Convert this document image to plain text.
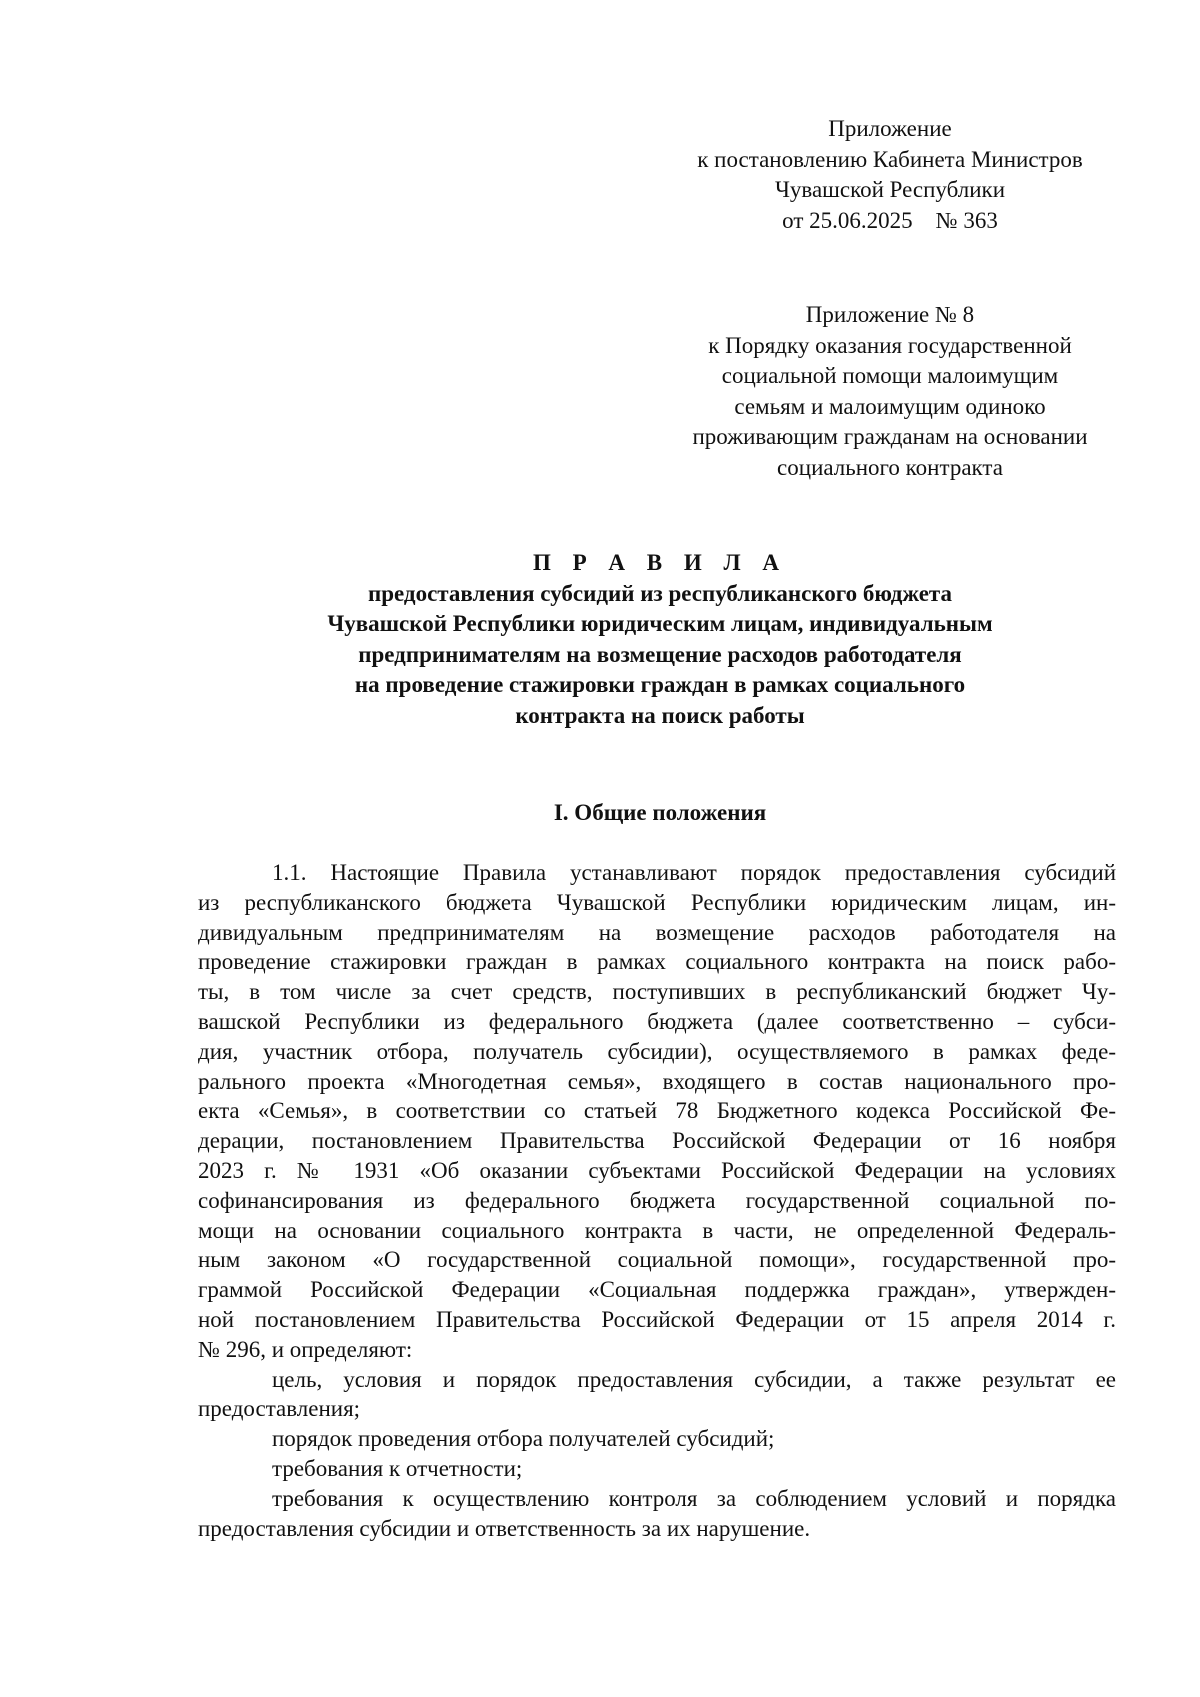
Приложение
к постановлению Кабинета Министров
Чувашской Республики
от 25.06.2025    № 363
Приложение № 8
к Порядку оказания государственной
социальной помощи малоимущим
семьям и малоимущим одиноко
проживающим гражданам на основании
социального контракта
П Р А В И Л А
предоставления субсидий из республиканского бюджета
Чувашской Республики юридическим лицам, индивидуальным
предпринимателям на возмещение расходов работодателя
на проведение стажировки граждан в рамках социального
контракта на поиск работы
I. Общие положения
1.1. Настоящие Правила устанавливают порядок предоставления субсидий
из республиканского бюджета Чувашской Республики юридическим лицам, ин-
дивидуальным предпринимателям на возмещение расходов работодателя на
проведение стажировки граждан в рамках социального контракта на поиск рабо-
ты, в том числе за счет средств, поступивших в республиканский бюджет Чу-
вашской Республики из федерального бюджета (далее соответственно – субси-
дия, участник отбора, получатель субсидии), осуществляемого в рамках феде-
рального проекта «Многодетная семья», входящего в состав национального про-
екта «Семья», в соответствии со статьей 78 Бюджетного кодекса Российской Фе-
дерации, постановлением Правительства Российской Федерации от 16 ноября
2023 г. № 1931 «Об оказании субъектами Российской Федерации на условиях
софинансирования из федерального бюджета государственной социальной по-
мощи на основании социального контракта в части, не определенной Федераль-
ным законом «О государственной социальной помощи», государственной про-
граммой Российской Федерации «Социальная поддержка граждан», утвержден-
ной постановлением Правительства Российской Федерации от 15 апреля 2014 г.
№ 296, и определяют:
цель, условия и порядок предоставления субсидии, а также результат ее
предоставления;
порядок проведения отбора получателей субсидий;
требования к отчетности;
требования к осуществлению контроля за соблюдением условий и порядка
предоставления субсидии и ответственность за их нарушение.
